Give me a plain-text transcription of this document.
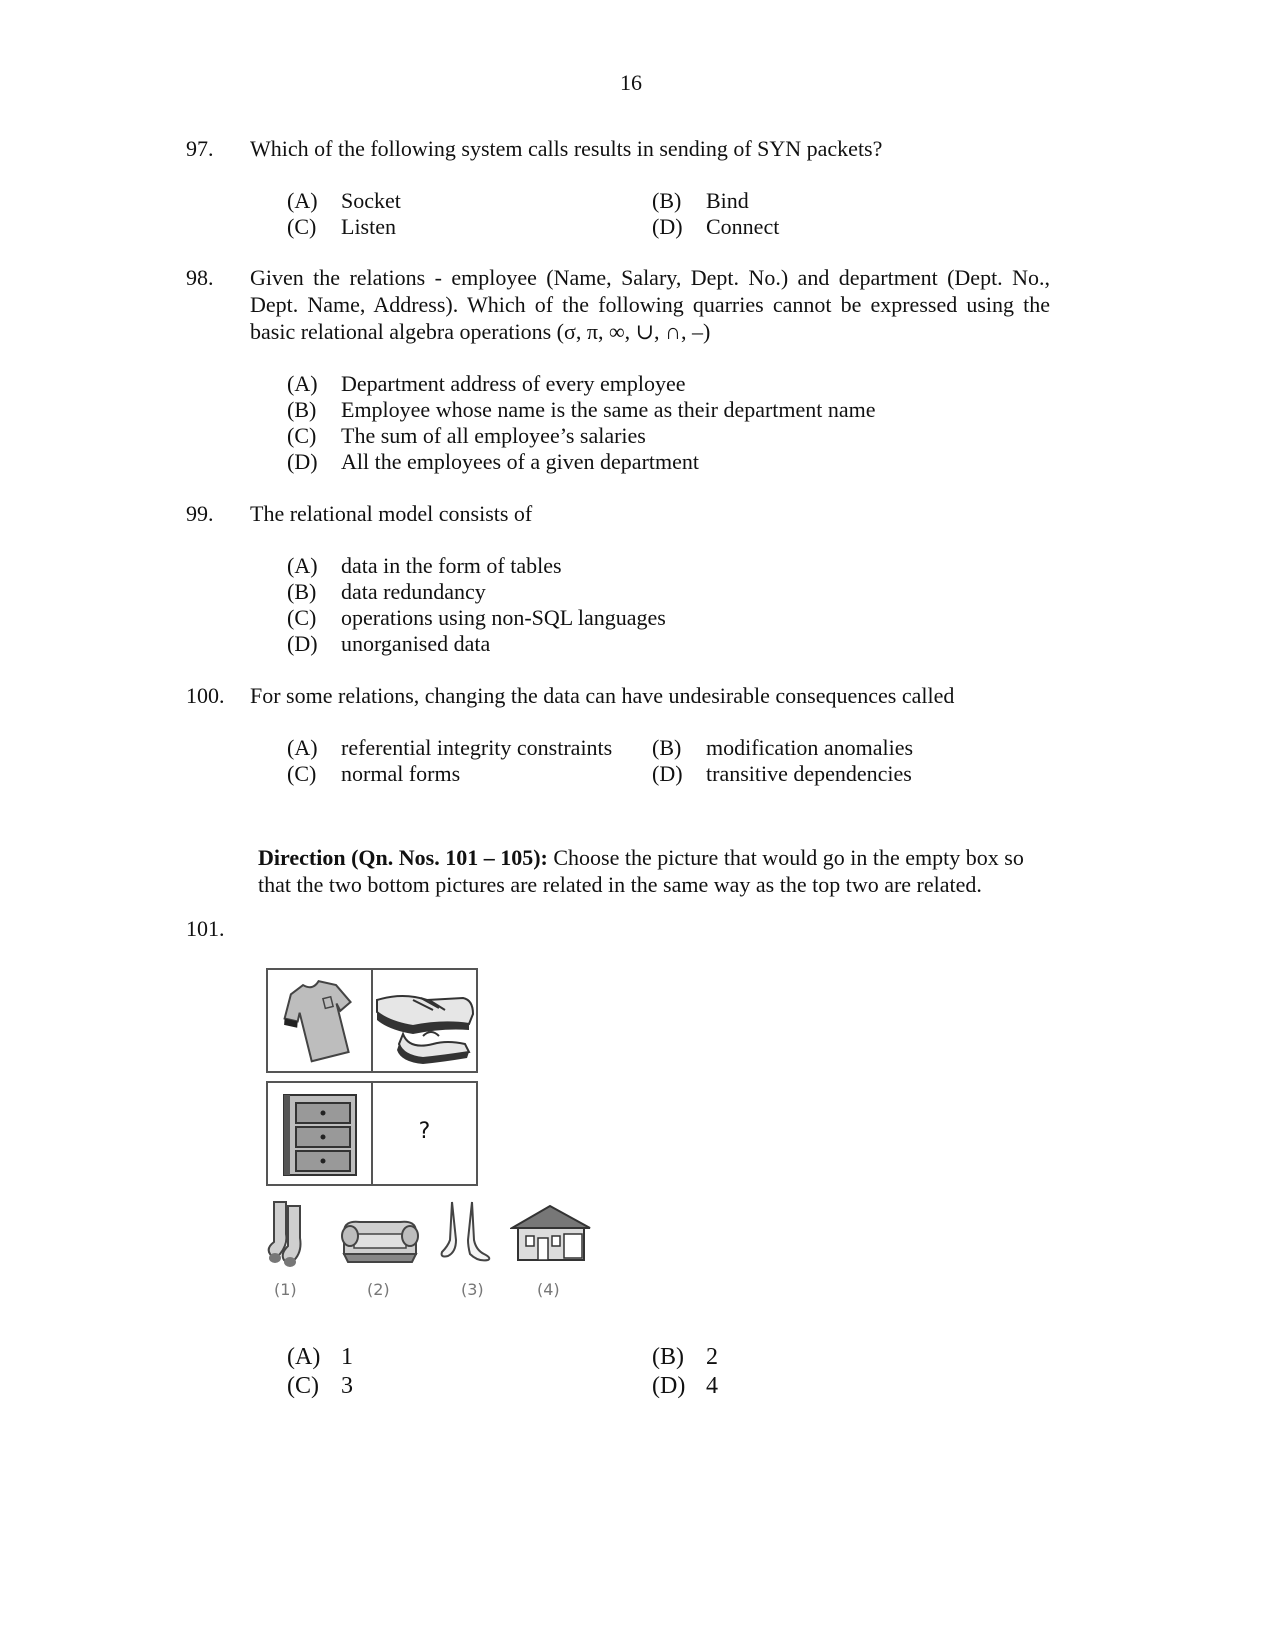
16
97. Which of the following system calls results in sending of SYN packets?
(A) Socket	(B) Bind
(C) Listen	(D) Connect
98. Given the relations - employee (Name, Salary, Dept. No.) and department (Dept. No.,
Dept. Name, Address). Which of the following quarries cannot be expressed using the
basic relational algebra operations (σ, π, ∞, ∪, ∩, –)
(A) Department address of every employee
(B) Employee whose name is the same as their department name
(C) The sum of all employee’s salaries
(D) All the employees of a given department
99. The relational model consists of
(A) data in the form of tables
(B) data redundancy
(C) operations using non-SQL languages
(D) unorganised data
100. For some relations, changing the data can have undesirable consequences called
(A) referential integrity constraints (B) modification anomalies
(C) normal forms	(D) transitive dependencies
Direction (Qn. Nos. 101 – 105): Choose the picture that would go in the empty box so that the two bottom pictures are related in the same way as the top two are related.
101.
?
(1)	(2)	(3)	(4)
(A) 1	(B) 2
(C) 3	(D) 4
